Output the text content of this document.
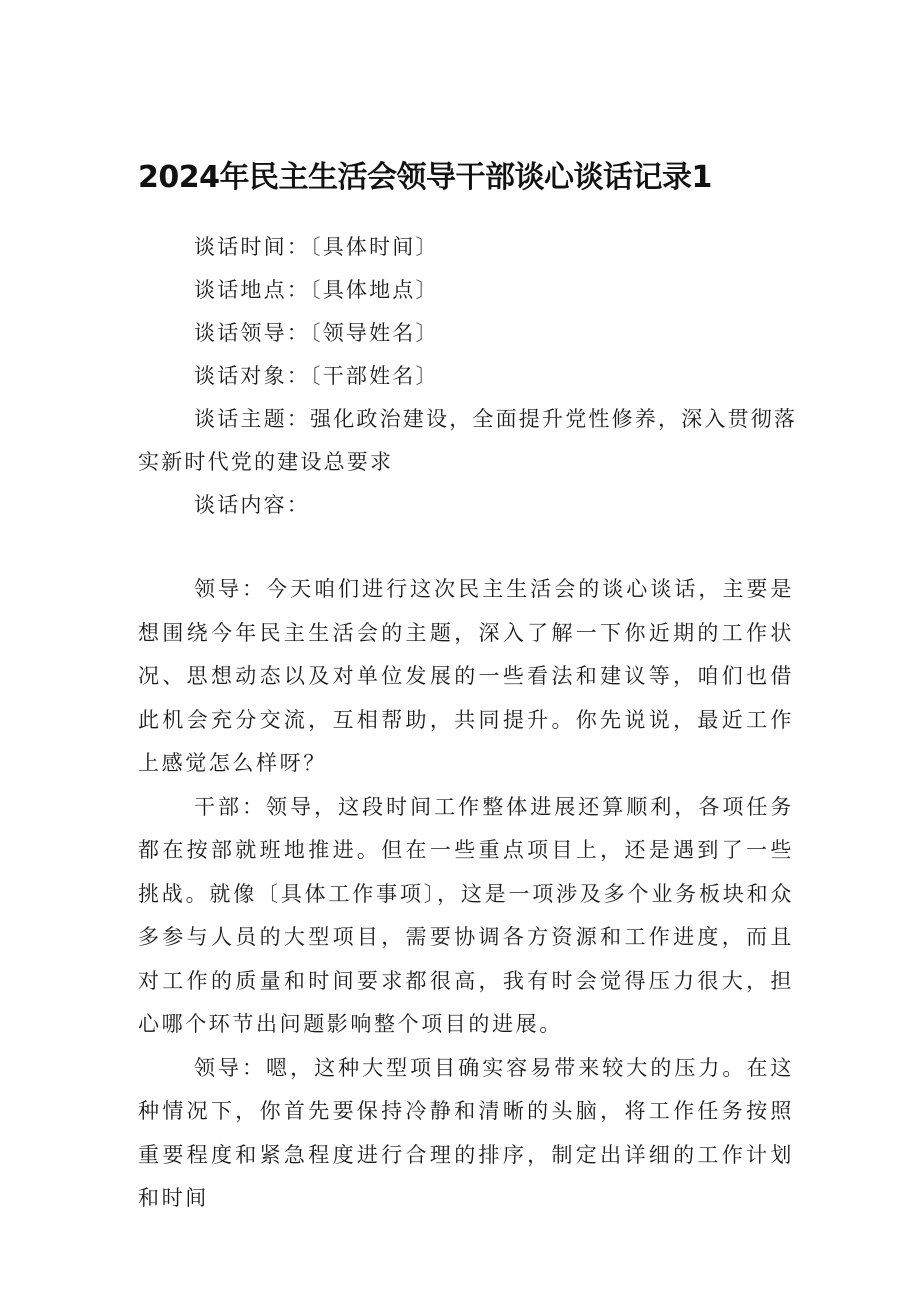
2024年民主生活会领导干部谈心谈话记录1
谈话时间：〔具体时间〕
谈话地点：〔具体地点〕
谈话领导：〔领导姓名〕
谈话对象：〔干部姓名〕
谈话主题：强化政治建设，全面提升党性修养，深入贯彻落实新时代党的建设总要求
谈话内容：

领导：今天咱们进行这次民主生活会的谈心谈话，主要是想围绕今年民主生活会的主题，深入了解一下你近期的工作状况、思想动态以及对单位发展的一些看法和建议等，咱们也借此机会充分交流，互相帮助，共同提升。你先说说，最近工作上感觉怎么样呀？

干部：领导，这段时间工作整体进展还算顺利，各项任务都在按部就班地推进。但在一些重点项目上，还是遇到了一些挑战。就像〔具体工作事项〕，这是一项涉及多个业务板块和众多参与人员的大型项目，需要协调各方资源和工作进度，而且对工作的质量和时间要求都很高，我有时会觉得压力很大，担心哪个环节出问题影响整个项目的进展。

领导：嗯，这种大型项目确实容易带来较大的压力。在这种情况下，你首先要保持冷静和清晰的头脑，将工作任务按照重要程度和紧急程度进行合理的排序，制定出详细的工作计划和时间
